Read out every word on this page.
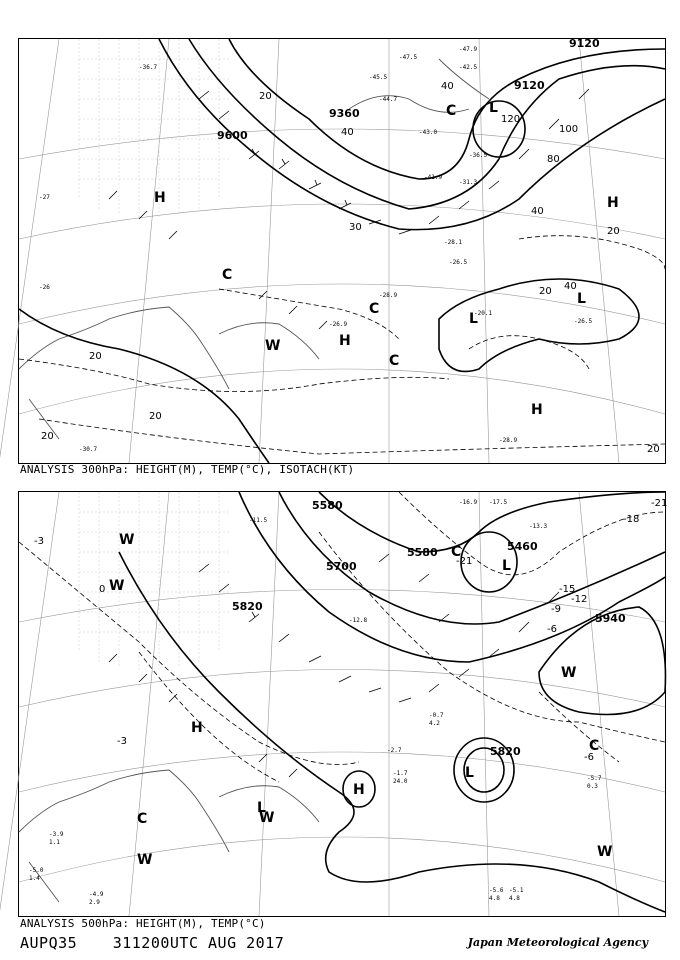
9120
9120
9360
9600
20
20
20
20
20
20
20
30
40
40
40
40
80
100
120
H
H
H
H
L
L
L
C
C
C
C
W
-47.9
-47.5
-42.5
-45.5
-44.7
-43.0
-41.9
-36.5
-31.3
-28.1
-26.5
-28.9
-26.9
-20.1
-26.5
-28.9
-30.7
-36.7
-27
-26
ANALYSIS 300hPa: HEIGHT(M), TEMP(°C), ISOTACH(KT)
5580
5580	5460
5700
5820
5940
5820
-21
-18
-21
-15
-12
-9
-6
-6
-3
-3
0
H
H
L
L
L
C
C
C
W
W
W
W
W
W
-16.9 -17.5
-13.3
-11.5
-12.8
-5.6
4.8
-5.1
4.8
-5.7
0.3
-1.7
24.0
-2.7
-0.7
4.2
-3.9
1.1
-4.9
2.9
-5.0
1.4
ANALYSIS 500hPa: HEIGHT(M), TEMP(°C)
AUPQ35 311200UTC AUG 2017	Japan Meteorological Agency
